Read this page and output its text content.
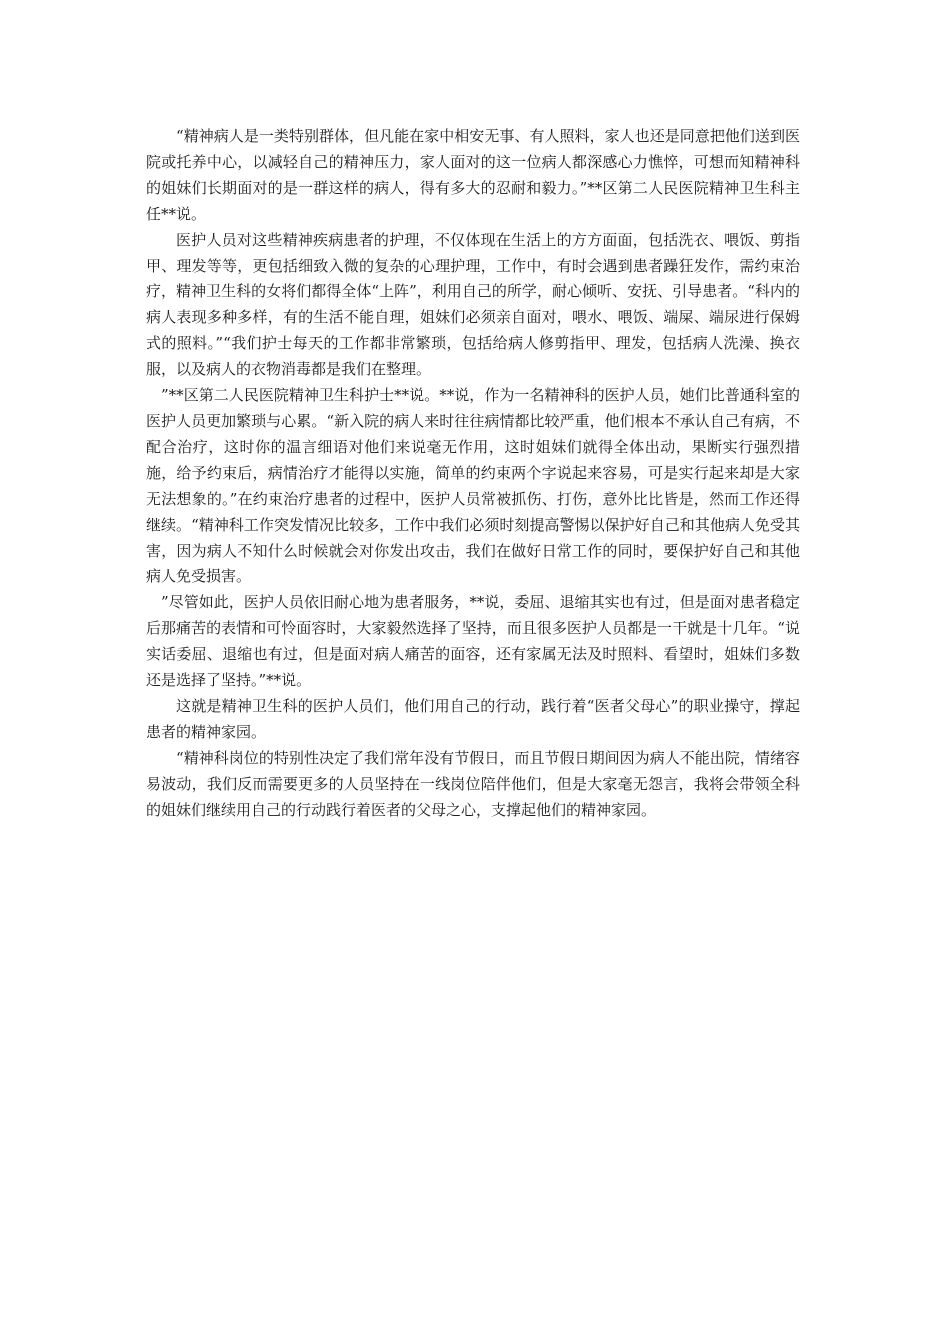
“精神病人是一类特别群体，但凡能在家中相安无事、有人照料，家人也还是同意把他们送到医院或托养中心，以减轻自己的精神压力，家人面对的这一位病人都深感心力憔悴，可想而知精神科的姐妹们长期面对的是一群这样的病人，得有多大的忍耐和毅力。”**区第二人民医院精神卫生科主任**说。

医护人员对这些精神疾病患者的护理，不仅体现在生活上的方方面面，包括洗衣、喂饭、剪指甲、理发等等，更包括细致入微的复杂的心理护理，工作中，有时会遇到患者躁狂发作，需约束治疗，精神卫生科的女将们都得全体“上阵”，利用自己的所学，耐心倾听、安抚、引导患者。“科内的病人表现多种多样，有的生活不能自理，姐妹们必须亲自面对，喂水、喂饭、端屎、端尿进行保姆式的照料。”“我们护士每天的工作都非常繁琐，包括给病人修剪指甲、理发，包括病人洗澡、换衣服，以及病人的衣物消毒都是我们在整理。

”**区第二人民医院精神卫生科护士**说。**说，作为一名精神科的医护人员，她们比普通科室的医护人员更加繁琐与心累。“新入院的病人来时往往病情都比较严重，他们根本不承认自己有病，不配合治疗，这时你的温言细语对他们来说毫无作用，这时姐妹们就得全体出动，果断实行强烈措施，给予约束后，病情治疗才能得以实施，简单的约束两个字说起来容易，可是实行起来却是大家无法想象的。”在约束治疗患者的过程中，医护人员常被抓伤、打伤，意外比比皆是，然而工作还得继续。“精神科工作突发情况比较多，工作中我们必须时刻提高警惕以保护好自己和其他病人免受其害，因为病人不知什么时候就会对你发出攻击，我们在做好日常工作的同时，要保护好自己和其他病人免受损害。

”尽管如此，医护人员依旧耐心地为患者服务，**说，委屈、退缩其实也有过，但是面对患者稳定后那痛苦的表情和可怜面容时，大家毅然选择了坚持，而且很多医护人员都是一干就是十几年。“说实话委屈、退缩也有过，但是面对病人痛苦的面容，还有家属无法及时照料、看望时，姐妹们多数还是选择了坚持。”**说。

这就是精神卫生科的医护人员们，他们用自己的行动，践行着“医者父母心”的职业操守，撑起患者的精神家园。

“精神科岗位的特别性决定了我们常年没有节假日，而且节假日期间因为病人不能出院，情绪容易波动，我们反而需要更多的人员坚持在一线岗位陪伴他们，但是大家毫无怨言，我将会带领全科的姐妹们继续用自己的行动践行着医者的父母之心，支撑起他们的精神家园。
